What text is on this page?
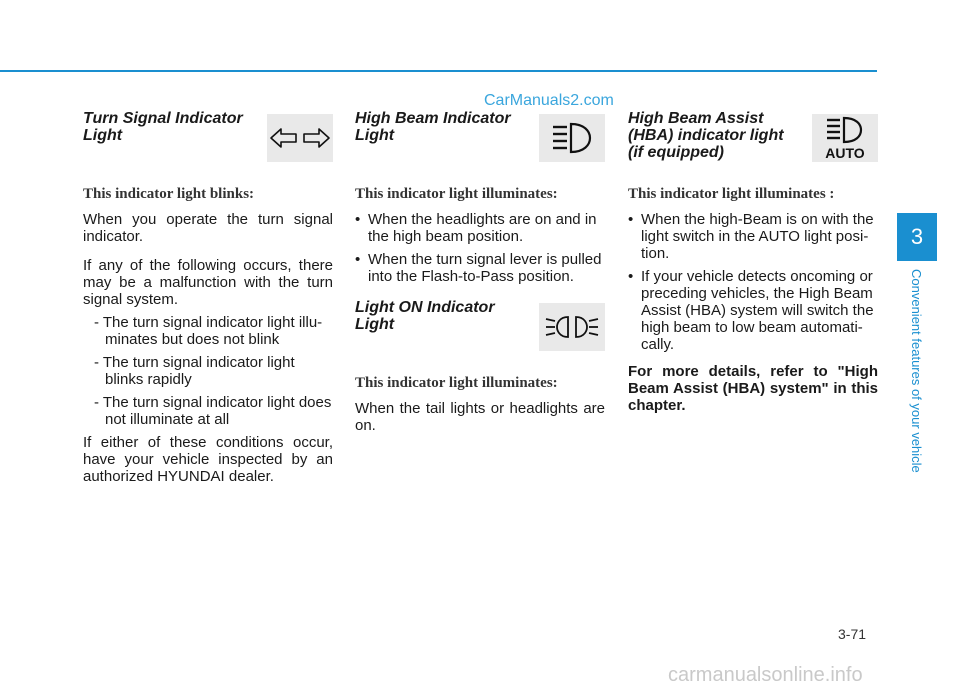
CarManuals2.com
Turn Signal Indicator Light
This indicator light blinks:

When you operate the turn signal indicator.

If any of the following occurs, there may be a malfunction with the turn signal system.

- The turn signal indicator light illu-minates but does not blink
- The turn signal indicator light blinks rapidly
- The turn signal indicator light does not illuminate at all

If either of these conditions occur, have your vehicle inspected by an authorized HYUNDAI dealer.

High Beam Indicator Light
This indicator light illuminates:
• When the headlights are on and in the high beam position.
• When the turn signal lever is pulled into the Flash-to-Pass position.
Light ON Indicator Light
This indicator light illuminates:

When the tail lights or headlights are on.

High Beam Assist (HBA) indicator light (if equipped)	AUTO
This indicator light illuminates :
• When the high-Beam is on with the light switch in the AUTO light posi-tion.
• If your vehicle detects oncoming or preceding vehicles, the High Beam Assist (HBA) system will switch the high beam to low beam automati-cally.

For more details, refer to "High Beam Assist (HBA) system" in this chapter.

3
Convenient features of your vehicle
3-71
carmanualsonline.info
